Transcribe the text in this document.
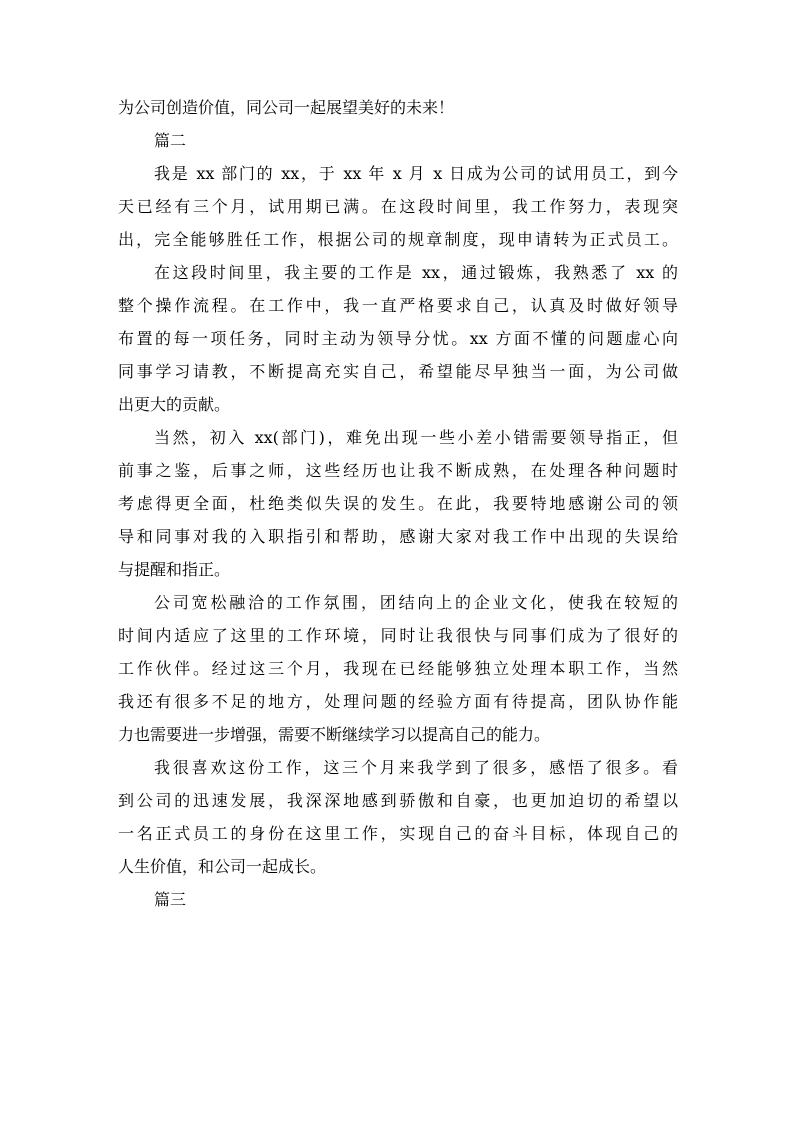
为公司创造价值，同公司一起展望美好的未来！
篇二
我是 xx 部门的 xx，于 xx 年 x 月 x 日成为公司的试用员工，到今
天已经有三个月，试用期已满。在这段时间里，我工作努力，表现突
出，完全能够胜任工作，根据公司的规章制度，现申请转为正式员工。
在这段时间里，我主要的工作是 xx，通过锻炼，我熟悉了 xx 的
整个操作流程。在工作中，我一直严格要求自己，认真及时做好领导
布置的每一项任务，同时主动为领导分忧。xx 方面不懂的问题虚心向
同事学习请教，不断提高充实自己，希望能尽早独当一面，为公司做
出更大的贡献。
当然，初入 xx(部门)，难免出现一些小差小错需要领导指正，但
前事之鉴，后事之师，这些经历也让我不断成熟，在处理各种问题时
考虑得更全面，杜绝类似失误的发生。在此，我要特地感谢公司的领
导和同事对我的入职指引和帮助，感谢大家对我工作中出现的失误给
与提醒和指正。
公司宽松融洽的工作氛围，团结向上的企业文化，使我在较短的
时间内适应了这里的工作环境，同时让我很快与同事们成为了很好的
工作伙伴。经过这三个月，我现在已经能够独立处理本职工作，当然
我还有很多不足的地方，处理问题的经验方面有待提高，团队协作能
力也需要进一步增强，需要不断继续学习以提高自己的能力。
我很喜欢这份工作，这三个月来我学到了很多，感悟了很多。看
到公司的迅速发展，我深深地感到骄傲和自豪，也更加迫切的希望以
一名正式员工的身份在这里工作，实现自己的奋斗目标，体现自己的
人生价值，和公司一起成长。
篇三
